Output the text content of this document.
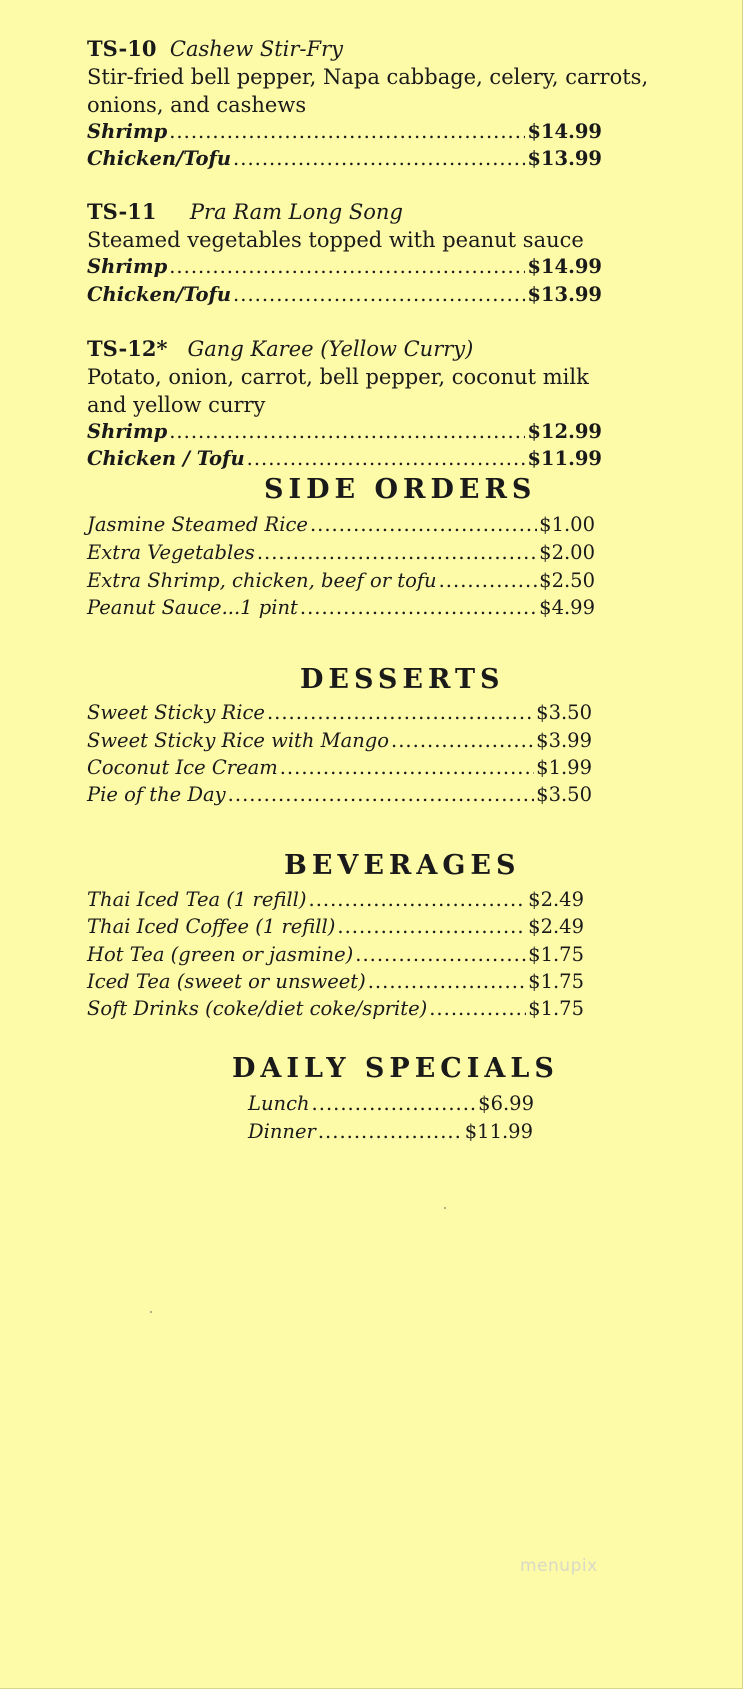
TS-10 Cashew Stir-Fry
Stir-fried bell pepper, Napa cabbage, celery, carrots,
onions, and cashews
Shrimp .....	$14.99
Chicken/Tofu .....	$13.99
TS-11 Pra Ram Long Song
Steamed vegetables topped with peanut sauce
Shrimp .....	$14.99
Chicken/Tofu .....	$13.99
TS-12* Gang Karee (Yellow Curry)
Potato, onion, carrot, bell pepper, coconut milk
and yellow curry
Shrimp .....	$12.99
Chicken / Tofu .....	$11.99
SIDE ORDERS
Jasmine Steamed Rice .....	$1.00
Extra Vegetables .....	$2.00
Extra Shrimp, chicken, beef or tofu .....	$2.50
Peanut Sauce...1 pint .....	$4.99
DESSERTS
Sweet Sticky Rice .....	$3.50
Sweet Sticky Rice with Mango .....	$3.99
Coconut Ice Cream .....	$1.99
Pie of the Day .....	$3.50
BEVERAGES
Thai Iced Tea (1 refill) .....	$2.49
Thai Iced Coffee (1 refill) .....	$2.49
Hot Tea (green or jasmine) .....	$1.75
Iced Tea (sweet or unsweet) .....	$1.75
Soft Drinks (coke/diet coke/sprite) .....	$1.75
DAILY SPECIALS
Lunch .....	$6.99
Dinner .....	$11.99
menupix
